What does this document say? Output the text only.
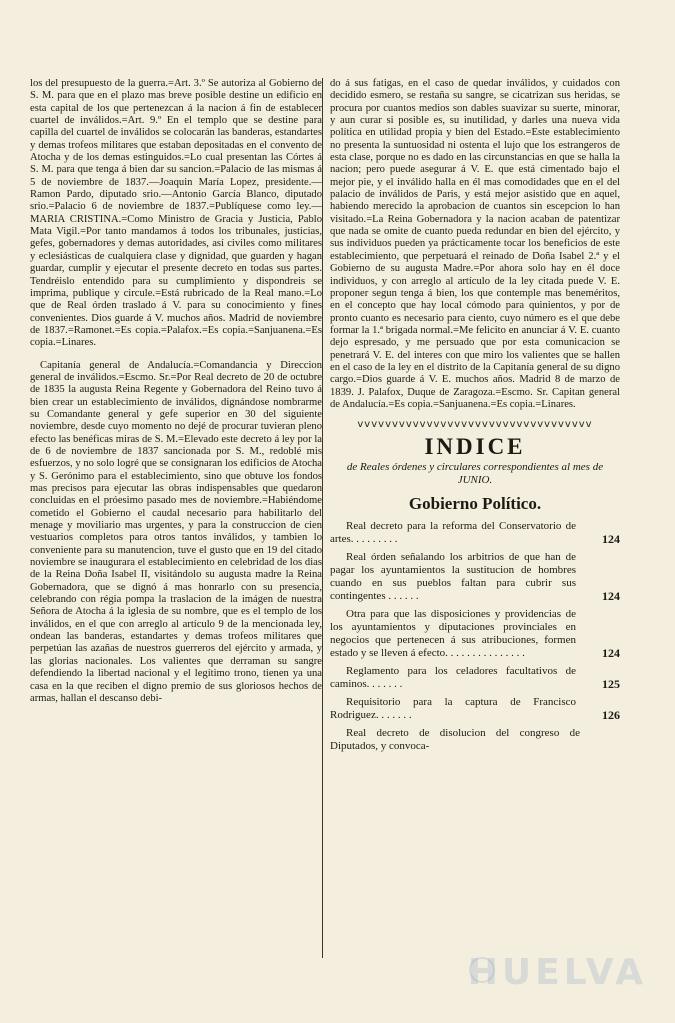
los del presupuesto de la guerra.=Art. 3.º Se autoriza al Gobierno de S. M. para que en el plazo mas breve posible destine un edificio en esta capital de los que pertenezcan á la nacion á fin de establecer cuartel de inválidos.=Art. 9.º En el templo que se destine para capilla del cuartel de inválidos se colocarán las banderas, estandartes y demas trofeos militares que estaban depositadas en el convento de Atocha y de los demas estinguidos.=Lo cual presentan las Córtes á S. M. para que tenga á bien dar su sancion.=Palacio de las mismas á 5 de noviembre de 1837.—Joaquin María Lopez, presidente.—Ramon Pardo, diputado srio.—Antonio García Blanco, diputado srio.=Palacio 6 de noviembre de 1837.=Publíquese como ley.—MARIA CRISTINA.=Como Ministro de Gracia y Justicia, Pablo Mata Vigil.=Por tanto mandamos á todos los tribunales, justicias, gefes, gobernadores y demas autoridades, así civiles como militares y eclesiásticas de cualquiera clase y dignidad, que guarden y hagan guardar, cumplir y ejecutar el presente decreto en todas sus partes. Tendréislo entendido para su cumplimiento y dispondreis se imprima, publique y circule.=Está rubricado de la Real mano.=Lo que de Real órden traslado á V. para su conocimiento y fines convenientes. Dios guarde á V. muchos años. Madrid de noviembre de 1837.=Ramonet.=Es copia.=Palafox.=Es copia.=Sanjuanena.=Es copia.=Linares.

Capitanía general de Andalucía.=Comandancia y Direccion general de inválidos.=Escmo. Sr.=Por Real decreto de 20 de octubre de 1835 la augusta Reina Regente y Gobernadora del Reino tuvo á bien crear un establecimiento de inválidos, dignándose nombrarme su Comandante general y gefe superior en 30 del siguiente noviembre, desde cuyo momento no dejé de procurar tuvieran pleno efecto las benéficas miras de S. M.=Elevado este decreto á ley por la de 6 de noviembre de 1837 sancionada por S. M., redoblé mis esfuerzos, y no solo logré que se consignaran los edificios de Atocha y S. Gerónimo para el establecimiento, sino que obtuve los fondos mas precisos para ejecutar las obras indispensables que quedaron concluidas en el próesimo pasado mes de noviembre.=Habiéndome cometido el Gobierno el caudal necesario para habilitarlo del menage y moviliario mas urgentes, y para la construccion de cien vestuarios completos para otros tantos inválidos, y tambien lo conveniente para su manutencion, tuve el gusto que en 19 del citado noviembre se inaugurara el establecimiento en celebridad de los dias de la Reina Doña Isabel II, visitándolo su augusta madre la Reina Gobernadora, que se dignó á mas honrarlo con su presencia, celebrando con régia pompa la traslacion de la imágen de nuestra Señora de Atocha á la iglesia de su nombre, que es el templo de los inválidos, en el que con arreglo al artículo 9 de la mencionada ley, ondean las banderas, estandartes y demas trofeos militares que perpetúan las azañas de nuestros guerreros del ejército y armada, y las glorias nacionales. Los valientes que derraman su sangre defendiendo la libertad nacional y el legítimo trono, tienen ya una casa en la que reciben el digno premio de sus gloriosos hechos de armas, hallan el descanso debi-

do á sus fatigas, en el caso de quedar inválidos, y cuidados con decidido esmero, se restaña su sangre, se cicatrizan sus heridas, se procura por cuantos medios son dables suavizar su suerte, minorar, y aun curar si posible es, su inutilidad, y darles una nueva vida política en utilidad propia y bien del Estado.=Este establecimiento no presenta la suntuosidad ni ostenta el lujo que los estrangeros de esta clase, porque no es dado en las circunstancias en que se halla la nacion; pero puede asegurar á V. E. que está cimentado bajo el mejor pie, y el inválido halla en él mas comodidades que en el del palacio de inválidos de Paris, y está mejor asistido que en aquel, habiendo merecido la aprobacion de cuantos sin escepcion lo han visitado.=La Reina Gobernadora y la nacion acaban de patentizar que nada se omite de cuanto pueda redundar en bien del ejército, y sus individuos pueden ya prácticamente tocar los beneficios de este establecimiento, que perpetuará el reinado de Doña Isabel 2.ª y el Gobierno de su augusta Madre.=Por ahora solo hay en él doce individuos, y con arreglo al artículo de la ley citada puede V. E. proponer segun tenga á bien, los que contemple mas beneméritos, en el concepto que hay local cómodo para quinientos, y por de pronto cuanto es necesario para ciento, cuyo número es el que debe formar la 1.ª brigada normal.=Me felicito en anunciar á V. E. cuanto dejo espresado, y me persuado que por esta comunicacion se penetrará V. E. del interes con que miro los valientes que se hallen en el caso de la ley en el distrito de la Capitanía general de su digno cargo.=Dios guarde á V. E. muchos años. Madrid 8 de marzo de 1839. J. Palafox, Duque de Zaragoza.=Escmo. Sr. Capitan general de Andalucía.=Es copia.=Sanjuanena.=Es copia.=Linares.

vvvvvvvvvvvvvvvvvvvvvvvvvvvvvvvvvv
INDICE
de Reales órdenes y circulares correspondientes al mes de JUNIO.
Gobierno Político.
Real decreto para la reforma del Conservatorio de artes. . . . . . . . .	124
Real órden señalando los arbitrios de que han de pagar los ayuntamientos la sustitucion de hombres cuando en sus pueblos faltan para cubrir sus contingentes . . . . . .	124
Otra para que las disposiciones y providencias de los ayuntamientos y diputaciones provinciales en negocios que pertenecen á sus atribuciones, formen estado y se lleven á efecto. . . . . . . . . . . . . . .	124
Reglamento para los celadores facultativos de caminos. . . . . . .	125
Requisitorio para la captura de Francisco Rodriguez. . . . . . .	126
Real decreto de disolucion del congreso de Diputados, y convoca-
HUELVA
